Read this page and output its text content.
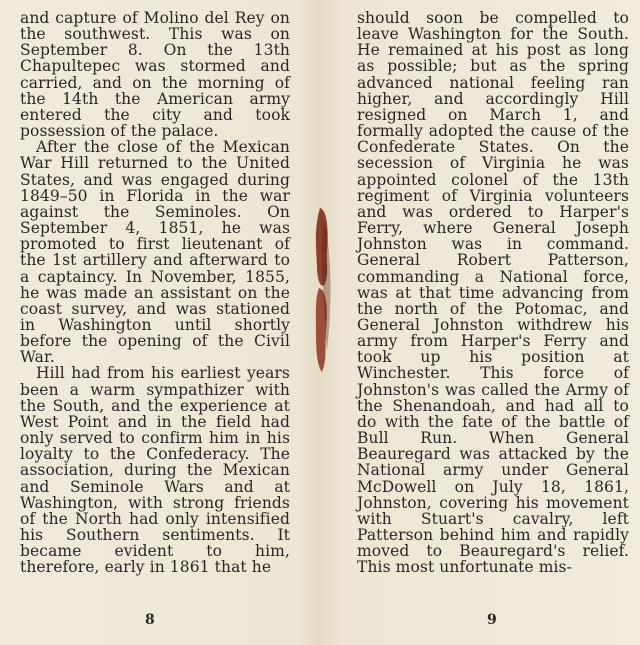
and capture of Molino del Rey on the southwest. This was on September 8. On the 13th Chapultepec was stormed and carried, and on the morning of the 14th the American army entered the city and took possession of the palace.

After the close of the Mexican War Hill returned to the United States, and was engaged during 1849–50 in Florida in the war against the Seminoles. On September 4, 1851, he was promoted to first lieutenant of the 1st artillery and afterward to a captaincy. In November, 1855, he was made an assistant on the coast survey, and was stationed in Washington until shortly before the opening of the Civil War.

Hill had from his earliest years been a warm sympathizer with the South, and the experience at West Point and in the field had only served to confirm him in his loyalty to the Confederacy. The association, during the Mexican and Seminole Wars and at Washington, with strong friends of the North had only intensified his Southern sentiments. It became evident to him, therefore, early in 1861 that he

should soon be compelled to leave Washington for the South. He remained at his post as long as possible; but as the spring advanced national feeling ran higher, and accordingly Hill resigned on March 1, and formally adopted the cause of the Confederate States. On the secession of Virginia he was appointed colonel of the 13th regiment of Virginia volunteers and was ordered to Harper's Ferry, where General Joseph Johnston was in command. General Robert Patterson, commanding a National force, was at that time advancing from the north of the Potomac, and General Johnston withdrew his army from Harper's Ferry and took up his position at Winchester. This force of Johnston's was called the Army of the Shenandoah, and had all to do with the fate of the battle of Bull Run. When General Beauregard was attacked by the National army under General McDowell on July 18, 1861, Johnston, covering his movement with Stuart's cavalry, left Patterson behind him and rapidly moved to Beauregard's relief. This most unfortunate mis-

8	9
